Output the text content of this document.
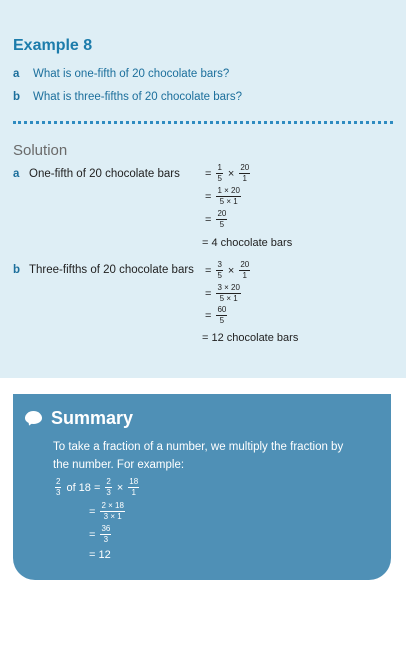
Example 8
a What is one-fifth of 20 chocolate bars?
b What is three-fifths of 20 chocolate bars?
Solution
a One-fifth of 20 chocolate bars = $\frac{1}{5} \times \frac{20}{1}$
= $\frac{1 \times 20}{5 \times 1}$
= $\frac{20}{5}$
= 4 chocolate bars
b Three-fifths of 20 chocolate bars = $\frac{3}{5} \times \frac{20}{1}$
= $\frac{3 \times 20}{5 \times 1}$
= $\frac{60}{5}$
= 12 chocolate bars
Summary
To take a fraction of a number, we multiply the fraction by the number. For example:
$\frac{2}{3}$ of $18 = \frac{2}{3} \times \frac{18}{1}$
= $\frac{2 \times 18}{3 \times 1}$
= $\frac{36}{3}$
= 12
